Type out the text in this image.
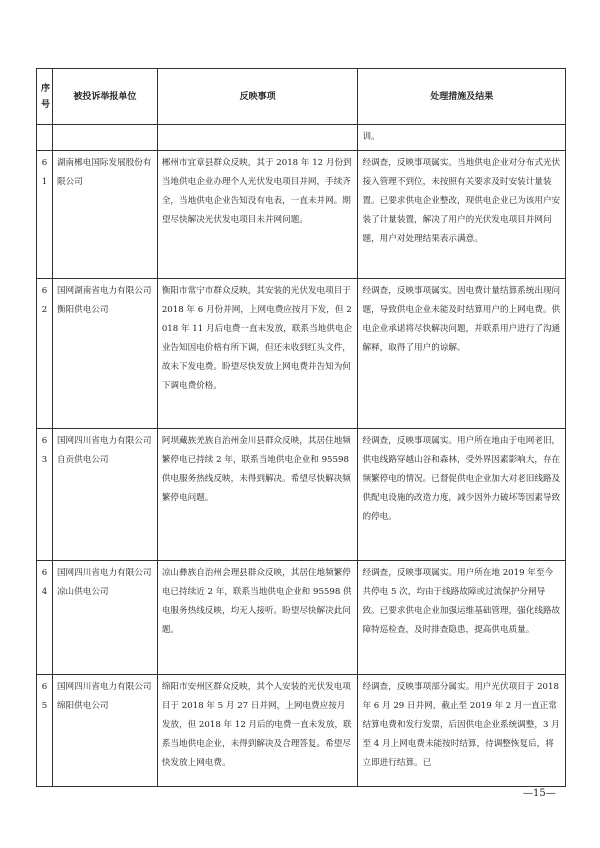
序号	被投诉举报单位	反映事项	处理措施及结果
			训。
61	湖南郴电国际发展股份有限公司	郴州市宜章县群众反映，其于 2018 年 12 月份到当地供电企业办理个人光伏发电项目并网，手续齐全，当地供电企业告知没有电表，一直未并网。期望尽快解决光伏发电项目未并网问题。	经调查，反映事项属实。当地供电企业对分布式光伏接入管理不到位，未按照有关要求及时安装计量装置。已要求供电企业整改，现供电企业已为该用户安装了计量装置，解决了用户的光伏发电项目并网问题，用户对处理结果表示满意。
62	国网湖南省电力有限公司衡阳供电公司	衡阳市常宁市群众反映，其安装的光伏发电项目于 2018 年 6 月份并网，上网电费应按月下发，但 2018 年 11 月后电费一直未发放，联系当地供电企业告知因电价格有所下调，但还未收到红头文件，故未下发电费。盼望尽快发放上网电费并告知为何下调电费价格。	经调查，反映事项属实。因电费计量结算系统出现问题，导致供电企业未能及时结算用户的上网电费。供电企业承诺将尽快解决问题，并联系用户进行了沟通解释，取得了用户的谅解。
63	国网四川省电力有限公司自贡供电公司	阿坝藏族羌族自治州金川县群众反映，其居住地频繁停电已持续 2 年，联系当地供电企业和 95598 供电服务热线反映，未得到解决。希望尽快解决频繁停电问题。	经调查，反映事项属实。用户所在地由于电网老旧，供电线路穿越山谷和森林，受外界因素影响大，存在频繁停电的情况。已督促供电企业加大对老旧线路及供配电设施的改造力度，减少因外力破坏等因素导致的停电。
64	国网四川省电力有限公司凉山供电公司	凉山彝族自治州会理县群众反映，其居住地频繁停电已持续近 2 年，联系当地供电企业和 95598 供电服务热线反映，均无人接听。盼望尽快解决此问题。	经调查，反映事项属实。用户所在地 2019 年至今共停电 5 次，均由于线路故障或过流保护分闸导致。已要求供电企业加强运维基础管理，强化线路故障特巡检查，及时排查隐患，提高供电质量。
65	国网四川省电力有限公司绵阳供电公司	绵阳市安州区群众反映，其个人安装的光伏发电项目于 2018 年 5 月 27 日并网，上网电费应按月发放，但 2018 年 12 月后的电费一直未发放，联系当地供电企业，未得到解决及合理答复。希望尽快发放上网电费。	经调查，反映事项部分属实。用户光伏项目于 2018 年 6 月 29 日并网，截止至 2019 年 2 月一直正常结算电费和发行发票，后因供电企业系统调整，3 月至 4 月上网电费未能按时结算，待调整恢复后，将立即进行结算。已
—15—
